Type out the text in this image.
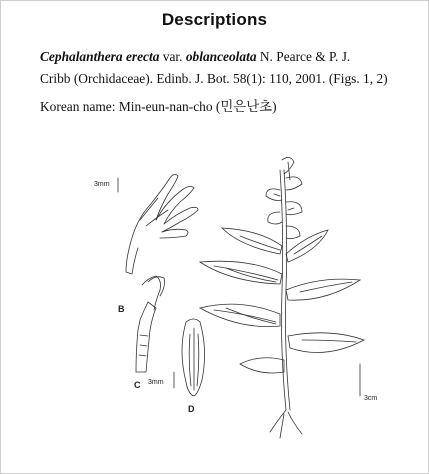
Descriptions
Cephalanthera erecta var. oblanceolata N. Pearce & P. J.
Cribb (Orchidaceae). Edinb. J. Bot. 58(1): 110, 2001. (Figs. 1, 2)
Korean name: Min-eun-nan-cho (민은난초)
3mm
B
C
D
3mm
3cm
